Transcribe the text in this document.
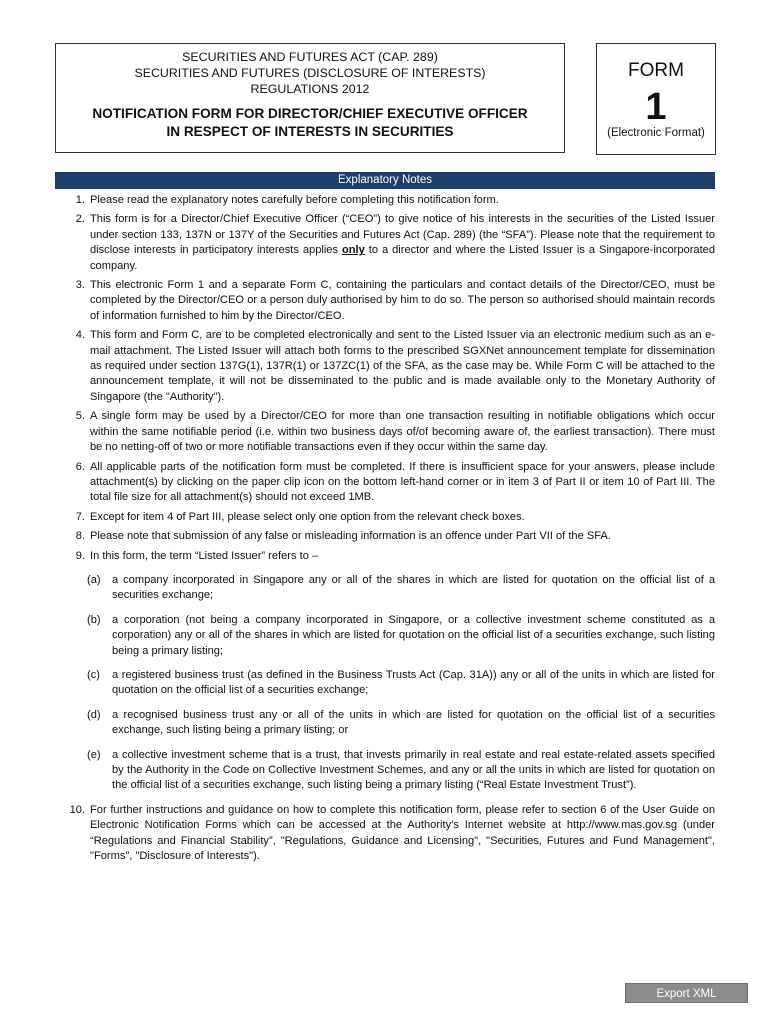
SECURITIES AND FUTURES ACT (CAP. 289)
SECURITIES AND FUTURES (DISCLOSURE OF INTERESTS)
REGULATIONS 2012
NOTIFICATION FORM FOR DIRECTOR/CHIEF EXECUTIVE OFFICER
IN RESPECT OF INTERESTS IN SECURITIES
FORM
1
(Electronic Format)
Explanatory Notes
1. Please read the explanatory notes carefully before completing this notification form.
2. This form is for a Director/Chief Executive Officer (“CEO”) to give notice of his interests in the securities of the Listed Issuer under section 133, 137N or 137Y of the Securities and Futures Act (Cap. 289) (the “SFA”). Please note that the requirement to disclose interests in participatory interests applies only to a director and where the Listed Issuer is a Singapore-incorporated company.
3. This electronic Form 1 and a separate Form C, containing the particulars and contact details of the Director/CEO, must be completed by the Director/CEO or a person duly authorised by him to do so. The person so authorised should maintain records of information furnished to him by the Director/CEO.
4. This form and Form C, are to be completed electronically and sent to the Listed Issuer via an electronic medium such as an e-mail attachment. The Listed Issuer will attach both forms to the prescribed SGXNet announcement template for dissemination as required under section 137G(1), 137R(1) or 137ZC(1) of the SFA, as the case may be. While Form C will be attached to the announcement template, it will not be disseminated to the public and is made available only to the Monetary Authority of Singapore (the "Authority").
5. A single form may be used by a Director/CEO for more than one transaction resulting in notifiable obligations which occur within the same notifiable period (i.e. within two business days of/of becoming aware of, the earliest transaction). There must be no netting-off of two or more notifiable transactions even if they occur within the same day.
6. All applicable parts of the notification form must be completed. If there is insufficient space for your answers, please include attachment(s) by clicking on the paper clip icon on the bottom left-hand corner or in item 3 of Part II or item 10 of Part III. The total file size for all attachment(s) should not exceed 1MB.
7. Except for item 4 of Part III, please select only one option from the relevant check boxes.
8. Please note that submission of any false or misleading information is an offence under Part VII of the SFA.
9. In this form, the term “Listed Issuer” refers to –
(a)	a company incorporated in Singapore any or all of the shares in which are listed for quotation on the official list of a securities exchange;
(b)	a corporation (not being a company incorporated in Singapore, or a collective investment scheme constituted as a corporation) any or all of the shares in which are listed for quotation on the official list of a securities exchange, such listing being a primary listing;
(c)	a registered business trust (as defined in the Business Trusts Act (Cap. 31A)) any or all of the units in which are listed for quotation on the official list of a securities exchange;
(d)	a recognised business trust any or all of the units in which are listed for quotation on the official list of a securities exchange, such listing being a primary listing; or
(e)	a collective investment scheme that is a trust, that invests primarily in real estate and real estate-related assets specified by the Authority in the Code on Collective Investment Schemes, and any or all the units in which are listed for quotation on the official list of a securities exchange, such listing being a primary listing (“Real Estate Investment Trust”).
10. For further instructions and guidance on how to complete this notification form, please refer to section 6 of the User Guide on Electronic Notification Forms which can be accessed at the Authority’s Internet website at http://www.mas.gov.sg (under “Regulations and Financial Stability”, "Regulations, Guidance and Licensing", "Securities, Futures and Fund Management", "Forms", "Disclosure of Interests").
Export XML
